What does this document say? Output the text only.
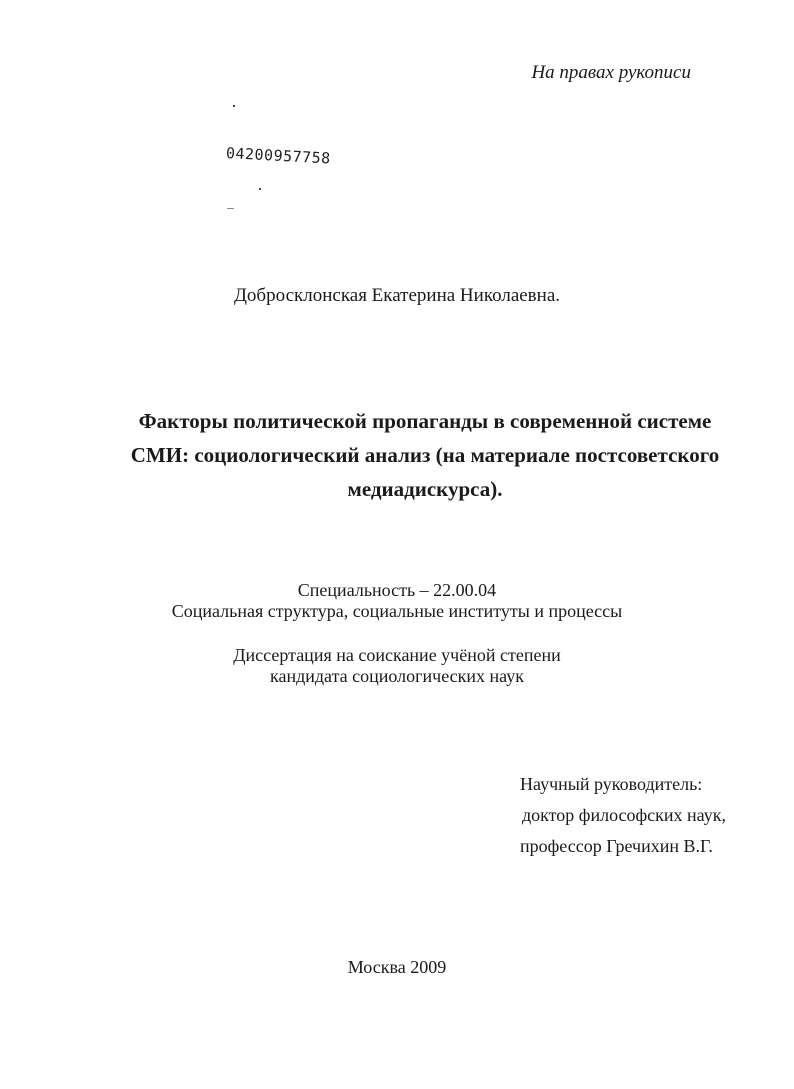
На правах рукописи
04200957758
Добросклонская Екатерина Николаевна.
Факторы политической пропаганды в современной системе
СМИ: социологический анализ (на материале постсоветского
медиадискурса).
Специальность – 22.00.04
Социальная структура, социальные институты и процессы
Диссертация на соискание учёной степени
кандидата социологических наук
Научный руководитель:
доктор философских наук,
профессор Гречихин В.Г.
Москва 2009
